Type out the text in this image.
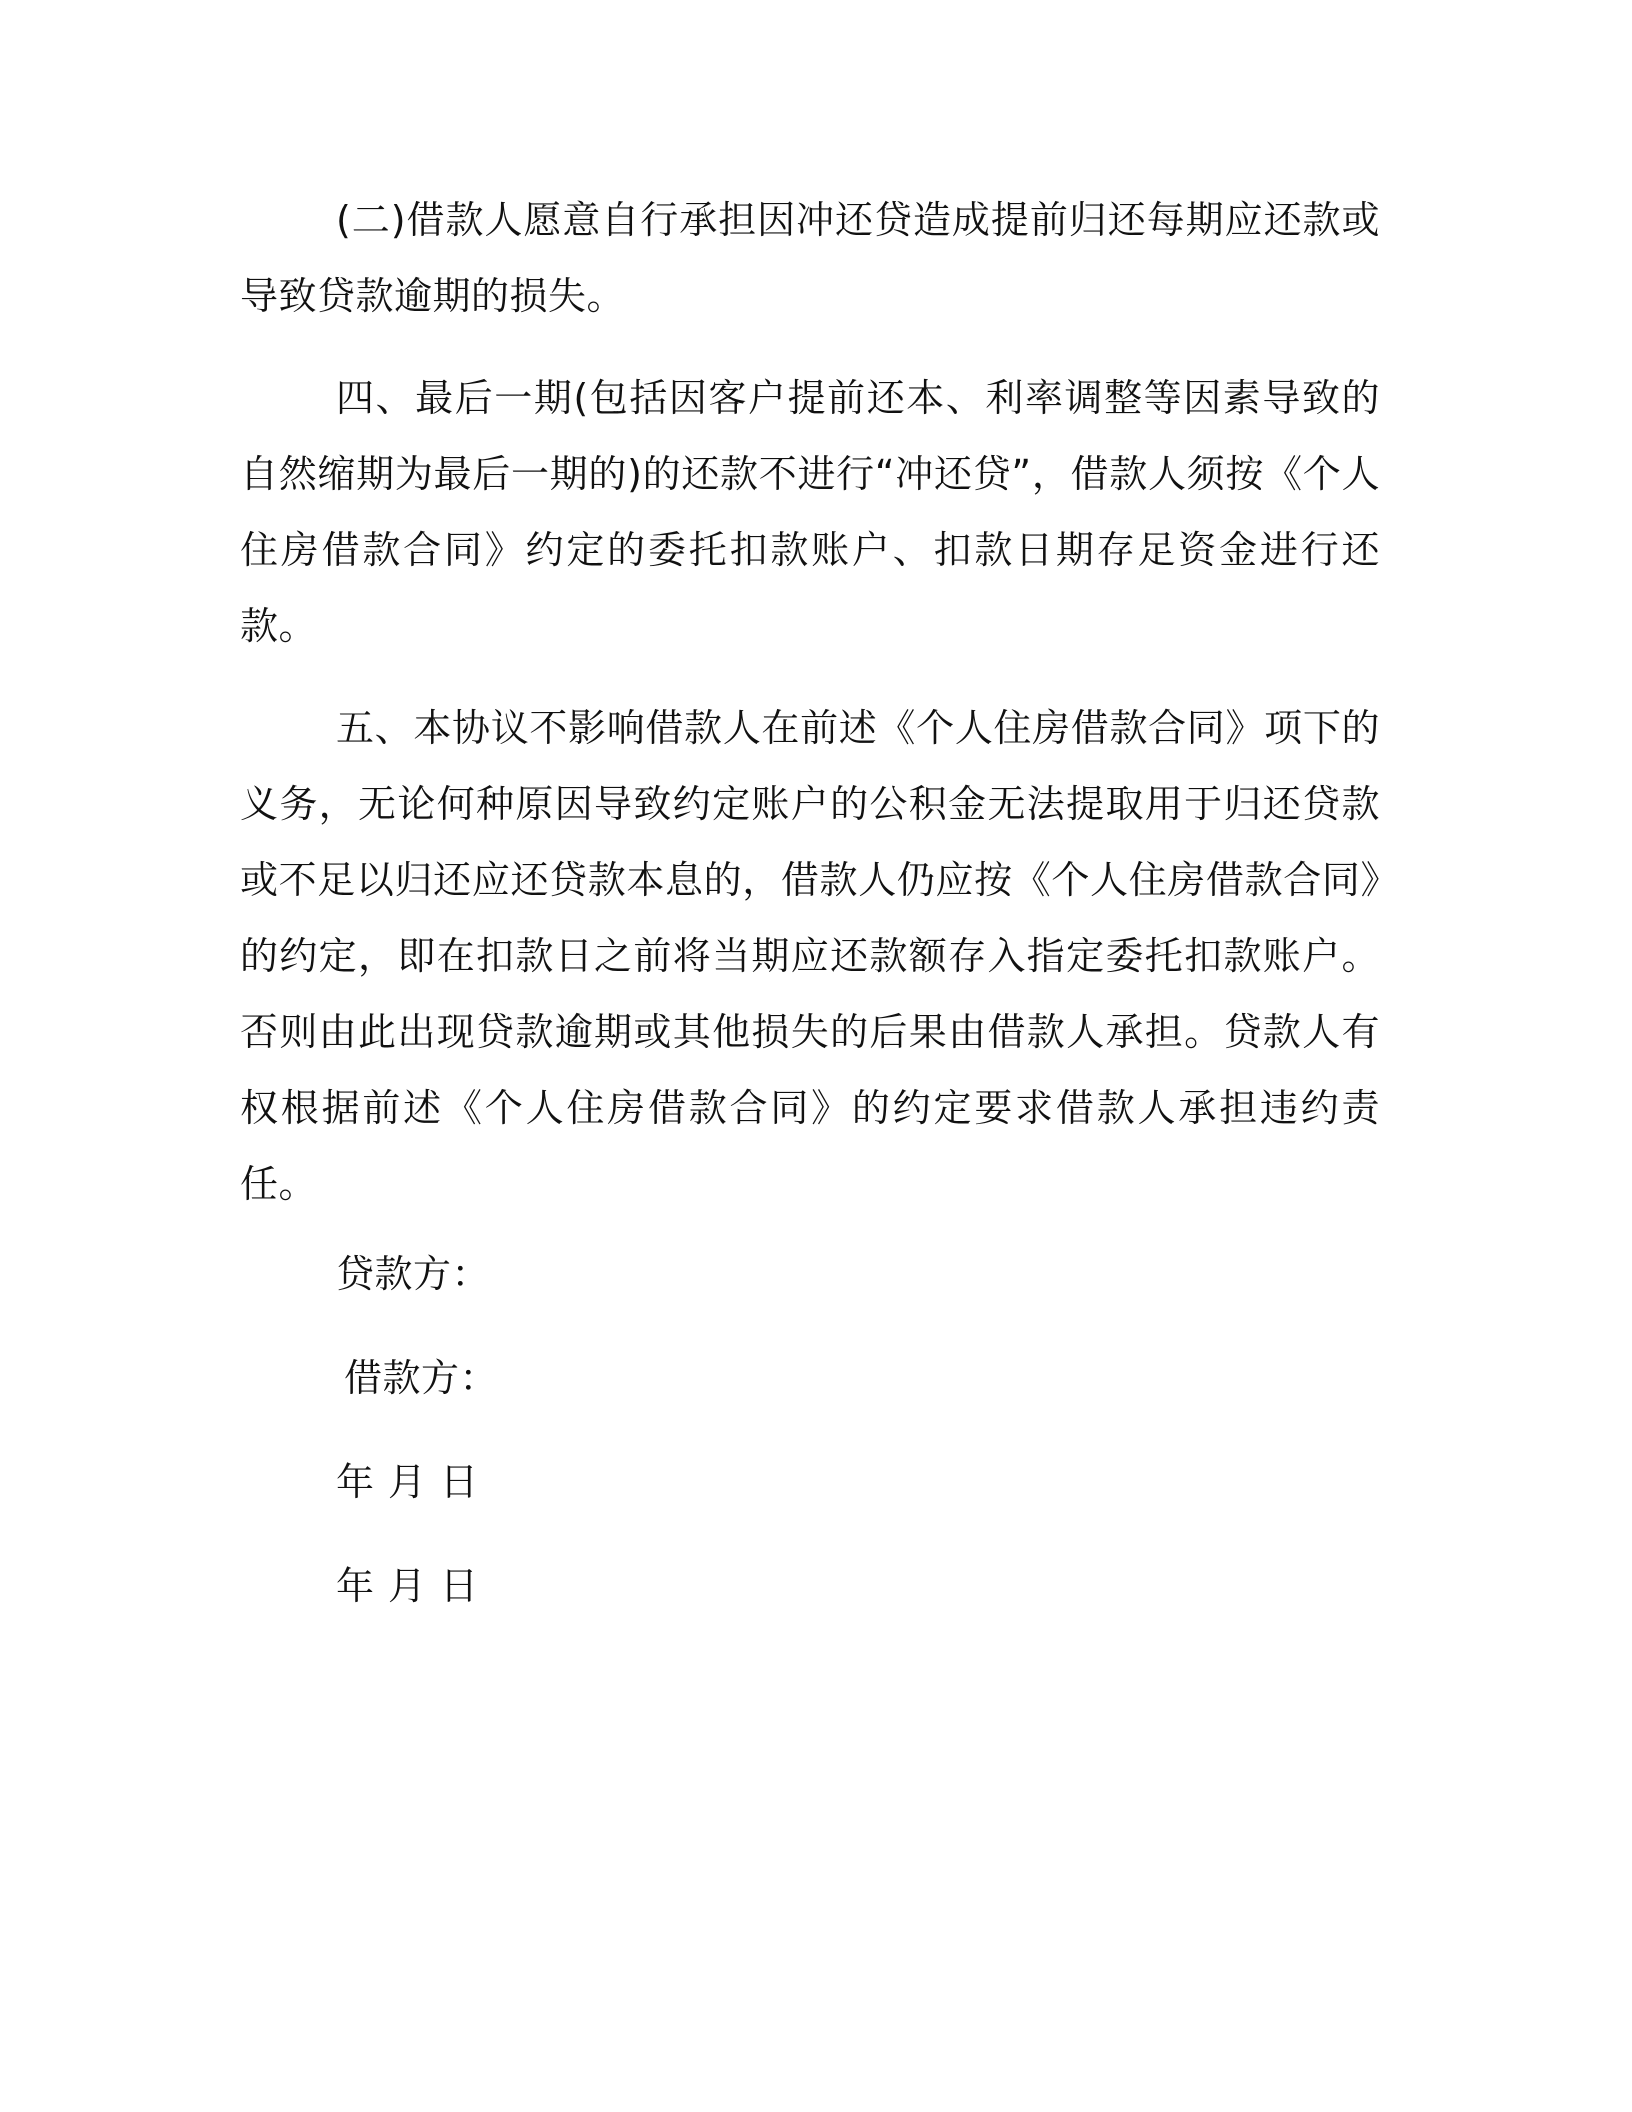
(二)借款人愿意自行承担因冲还贷造成提前归还每期应还款或导致贷款逾期的损失。

四、最后一期(包括因客户提前还本、利率调整等因素导致的自然缩期为最后一期的)的还款不进行“冲还贷”，借款人须按《个人住房借款合同》约定的委托扣款账户、扣款日期存足资金进行还款。

五、本协议不影响借款人在前述《个人住房借款合同》项下的义务，无论何种原因导致约定账户的公积金无法提取用于归还贷款或不足以归还应还贷款本息的，借款人仍应按《个人住房借款合同》的约定，即在扣款日之前将当期应还款额存入指定委托扣款账户。否则由此出现贷款逾期或其他损失的后果由借款人承担。贷款人有权根据前述《个人住房借款合同》的约定要求借款人承担违约责任。

贷款方：

借款方：

年 月 日

年 月 日
